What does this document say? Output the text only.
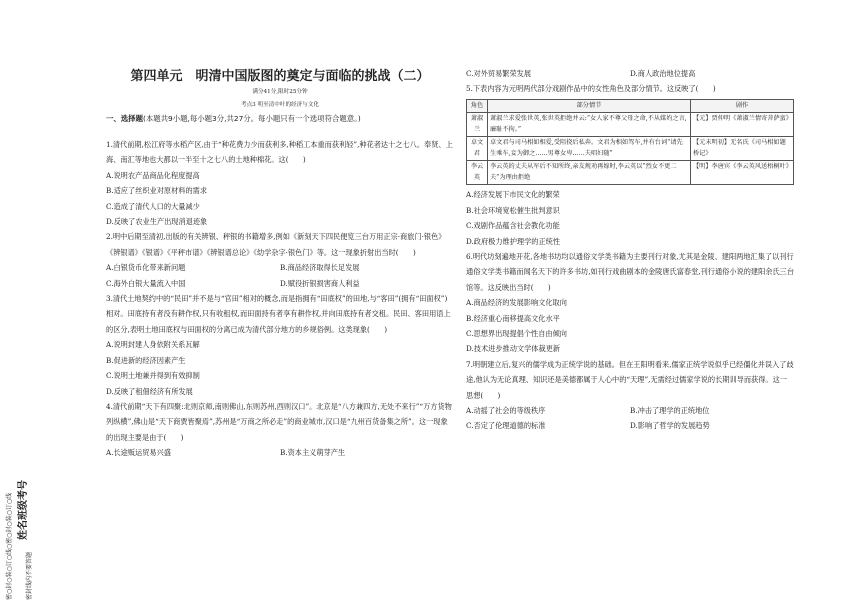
密○封○装○订○线○密○封○装○订○线 姓名班级考号
密封线内不要答题
第四单元　明清中国版图的奠定与面临的挑战（二）
满分41分,限时25分钟
考点3 明至清中叶的经济与文化
一、选择题(本题共9小题,每小题3分,共27分。每小题只有一个选项符合题意。)

1.清代前期,松江府等水稻产区,由于“种花费力少而获利多,种稻工本重而获利轻”,种花者达十之七八。奉贤、上海、南汇等地也大都以一半至十之七八的土地种棉花。这(　　)

A.说明农产品商品化程度提高

B.适应了丝织业对原材料的需求

C.造成了清代人口的大量减少

D.反映了农业生产出现消退迹象

2.明中后期至清初,出版的有关辨银、秤银的书籍增多,例如《新刻天下四民便览三台万用正宗·商旅门·银色》《辨银谱》《银谱》《平秤市谱》《辨银谱总论》《幼学杂字·银色门》等。这一现象折射出当时(　　)

A.白银货币化带来新问题	B.商品经济取得长足发展
C.海外白银大量流入中国	D.赋役折银损害商人利益

3.清代土地契约中的“民田”并不是与“官田”相对的概念,而是指拥有“田底权”的田地,与“客田”(拥有“田面权”)相对。田底持有者没有耕作权,只有收租权,而田面持有者享有耕作权,并向田底持有者交租。民田、客田用语上的区分,表明土地田底权与田面权的分离已成为清代部分地方的乡规俗例。这类现象(　　)

A.说明封建人身依附关系瓦解

B.促进新的经济因素产生

C.说明土地兼并得到有效抑制

D.反映了租佃经济有所发展

4.清代前期“天下有四聚:北则京师,南则佛山,东则苏州,西则汉口”。北京是“八方兼四方,无处不来行”“万方货物列纵横”,佛山是“天下商贾皆聚焉”,苏州是“万商之所必走”的商业城市,汉口是“九州百货备集之所”。这一现象的出现主要是由于(　　)

A.长途贩运贸易兴盛	B.资本主义萌芽产生
C.对外贸易繁荣发展	D.商人政治地位提高

5.下表内容为元明两代部分戏剧作品中的女性角色及部分情节。这反映了(　　)

角色	部分情节	剧作
萧淑兰	萧淑兰求爱张世英,张世英拒绝并云:“女人家不尊父母之命,不从媒妁之言,廉耻不拘。”	【元】贾仲明《萧淑兰情寄菩萨蛮》
卓文君	卓文君与司马相如相爱,受阻挠后私奔。文君为相如驾车,并有台词“请先生乘车,妾为御之……男尊女卑……夫唱妇随”	【元末明初】无名氏《司马相如题桥记》
李云英	李云英的丈夫从军后不知所终,亲友规劝再嫁时,李云英以“烈女不更二夫”为理由拒绝	【明】李唐宾《李云英风送梧桐叶》

A.经济发展下市民文化的繁荣

B.社会环境宽松催生批判意识

C.戏剧作品蕴含社会教化功能

D.政府极力维护理学的正统性

6.明代坊刻遍地开花,各地书坊均以通俗文学类书籍为主要刊行对象,尤其是金陵、建阳两地汇集了以刊行通俗文学类书籍而闻名天下的许多书坊,如刊行戏曲剧本的金陵唐氏富春堂,刊行通俗小说的建阳余氏三台馆等。这反映出当时(　　)

A.商品经济的发展影响文化取向

B.经济重心南移提高文化水平

C.思想界出现提倡个性自由倾向

D.技术进步推动文学体裁更新

7.明朝建立后,复兴的儒学成为正统学说的基础。但在王阳明看来,儒家正统学说似乎已经僵化并误入了歧途,他认为无论真理、知识还是美德都属于人心中的“天理”,无需经过儒家学说的长期训导而获得。这一思想(　　)

A.动摇了社会的等级秩序	B.冲击了理学的正统地位
C.否定了伦理道德的标准	D.影响了哲学的发展趋势
